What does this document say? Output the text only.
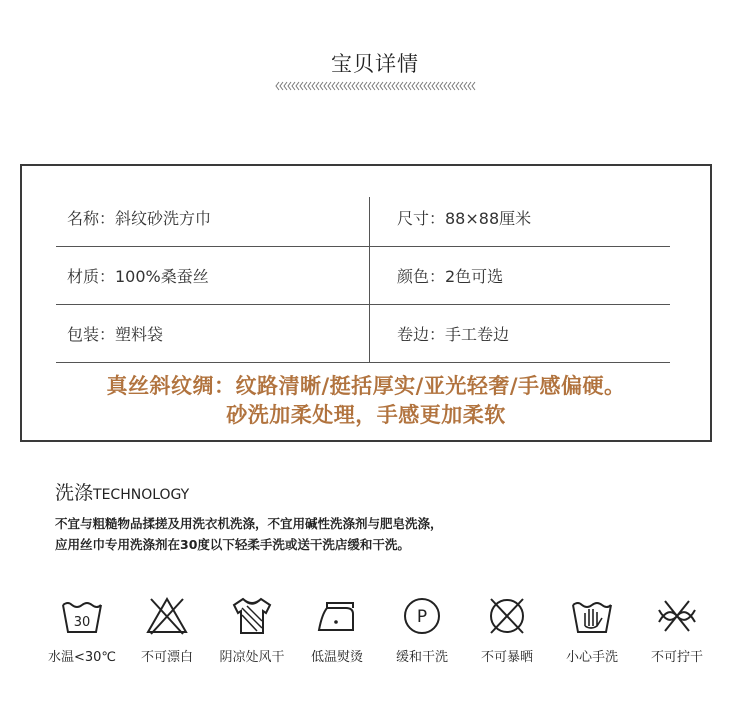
宝贝详情
名称：斜纹砂洗方巾	尺寸：88×88厘米
材质：100%桑蚕丝	颜色：2色可选
包装：塑料袋	卷边：手工卷边
真丝斜纹绸：纹路清晰/挺括厚实/亚光轻奢/手感偏硬。
砂洗加柔处理，手感更加柔软
洗涤TECHNOLOGY
不宜与粗糙物品揉搓及用洗衣机洗涤，不宜用碱性洗涤剂与肥皂洗涤，
应用丝巾专用洗涤剂在30度以下轻柔手洗或送干洗店缓和干洗。
30
水温<30℃	不可漂白	阴凉处风干	低温熨烫
P
缓和干洗	不可暴晒	小心手洗	不可拧干
